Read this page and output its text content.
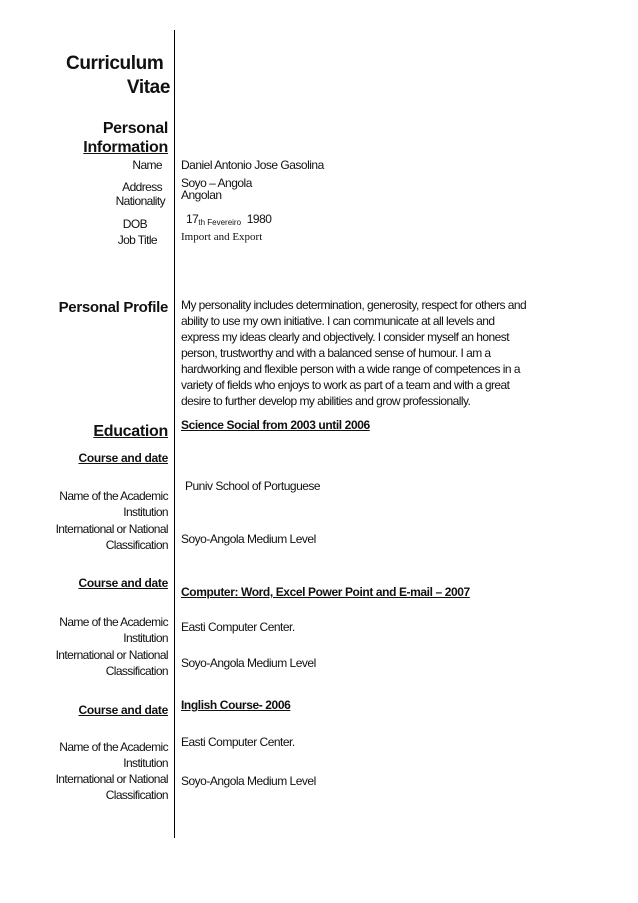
Curriculum
Vitae
Personal
Information
Name Daniel Antonio Jose Gasolina
Address Soyo – Angola
Nationality Angolan
DOB	17th Fevereiro 1980
Job Title Import and Export
Personal Profile My personality includes determination, generosity, respect for others and
ability to use my own initiative. I can communicate at all levels and
express my ideas clearly and objectively. I consider myself an honest
person, trustworthy and with a balanced sense of humour. I am a
hardworking and flexible person with a wide range of competences in a
variety of fields who enjoys to work as part of a team and with a great
desire to further develop my abilities and grow professionally.
Education Science Social from 2003 until 2006
Course and date
Name of the Academic
Institution
Puniv School of Portuguese
International or National
Classification Soyo-Angola Medium Level
Course and date
Computer: Word, Excel Power Point and E-mail – 2007
Name of the Academic
Institution
Easti Computer Center.
International or National
Classification
Soyo-Angola Medium Level
Inglish Course- 2006
Course and date
Name of the Academic
Institution
Easti Computer Center.
International or National
Classification
Soyo-Angola Medium Level
